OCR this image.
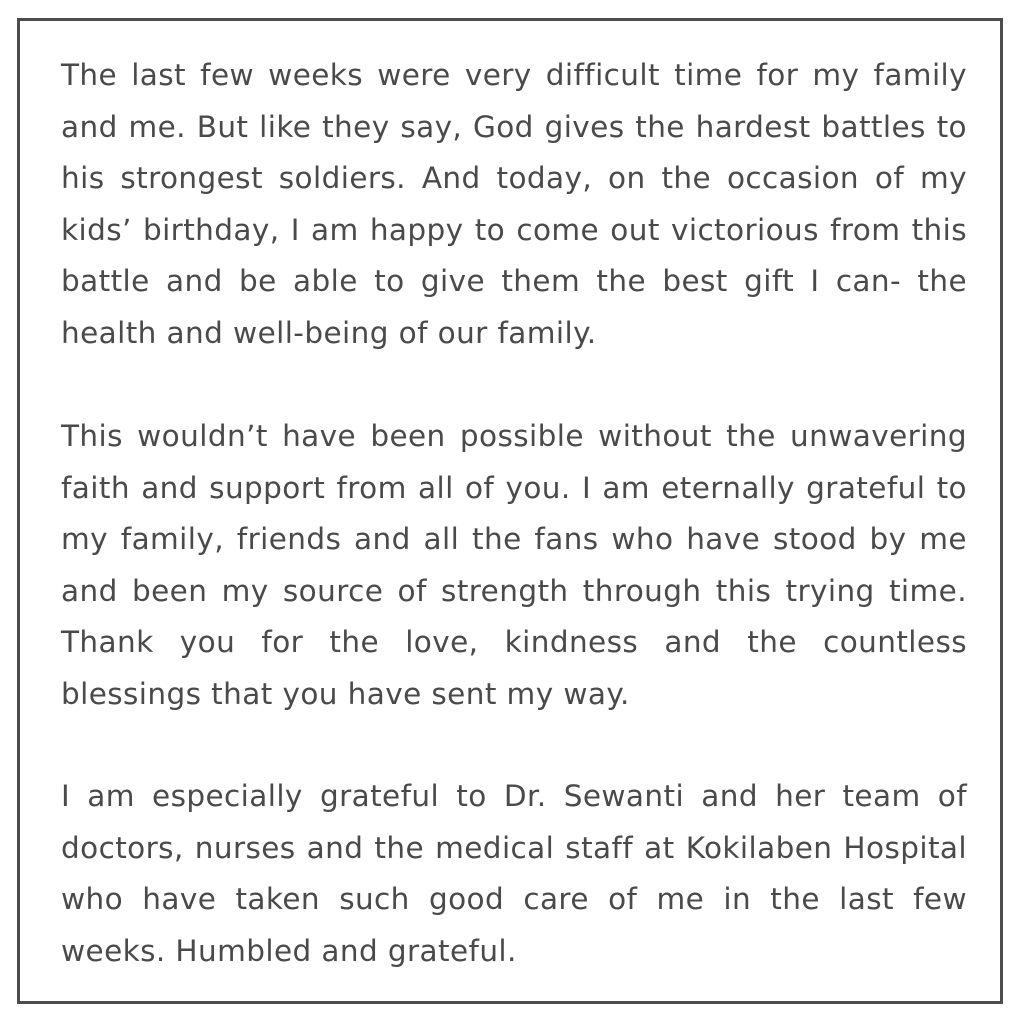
The last few weeks were very difficult time for my family and me. But like they say, God gives the hardest battles to his strongest soldiers. And today, on the occasion of my kids’ birthday, I am happy to come out victorious from this battle and be able to give them the best gift I can- the health and well-being of our family.

This wouldn’t have been possible without the unwavering faith and support from all of you. I am eternally grateful to my family, friends and all the fans who have stood by me and been my source of strength through this trying time. Thank you for the love, kindness and the countless blessings that you have sent my way.

I am especially grateful to Dr. Sewanti and her team of doctors, nurses and the medical staff at Kokilaben Hospital who have taken such good care of me in the last few weeks. Humbled and grateful.
